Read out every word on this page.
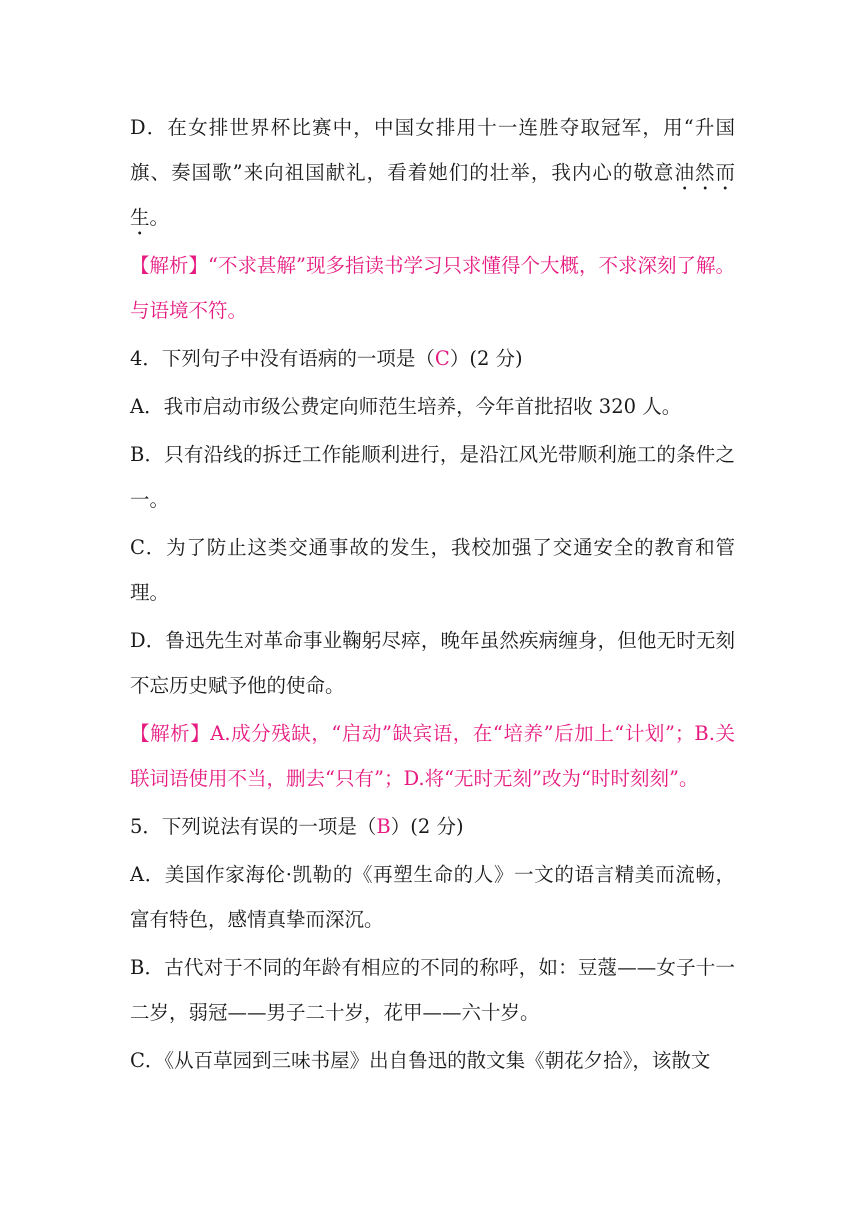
D．在女排世界杯比赛中，中国女排用十一连胜夺取冠军，用“升国旗、奏国歌”来向祖国献礼，看着她们的壮举，我内心的敬意油然而生。

【解析】“不求甚解”现多指读书学习只求懂得个大概，不求深刻了解。与语境不符。

4．下列句子中没有语病的一项是（C）(2 分)

A．我市启动市级公费定向师范生培养，今年首批招收 320 人。

B．只有沿线的拆迁工作能顺利进行，是沿江风光带顺利施工的条件之一。

C．为了防止这类交通事故的发生，我校加强了交通安全的教育和管理。

D．鲁迅先生对革命事业鞠躬尽瘁，晚年虽然疾病缠身，但他无时无刻不忘历史赋予他的使命。

【解析】A.成分残缺，“启动”缺宾语，在“培养”后加上“计划”；B.关联词语使用不当，删去“只有”；D.将“无时无刻”改为“时时刻刻”。

5．下列说法有误的一项是（B）(2 分)

A．美国作家海伦·凯勒的《再塑生命的人》一文的语言精美而流畅，富有特色，感情真挚而深沉。

B．古代对于不同的年龄有相应的不同的称呼，如：豆蔻——女子十一二岁，弱冠——男子二十岁，花甲——六十岁。

C．《从百草园到三味书屋》出自鲁迅的散文集《朝花夕拾》，该散文
